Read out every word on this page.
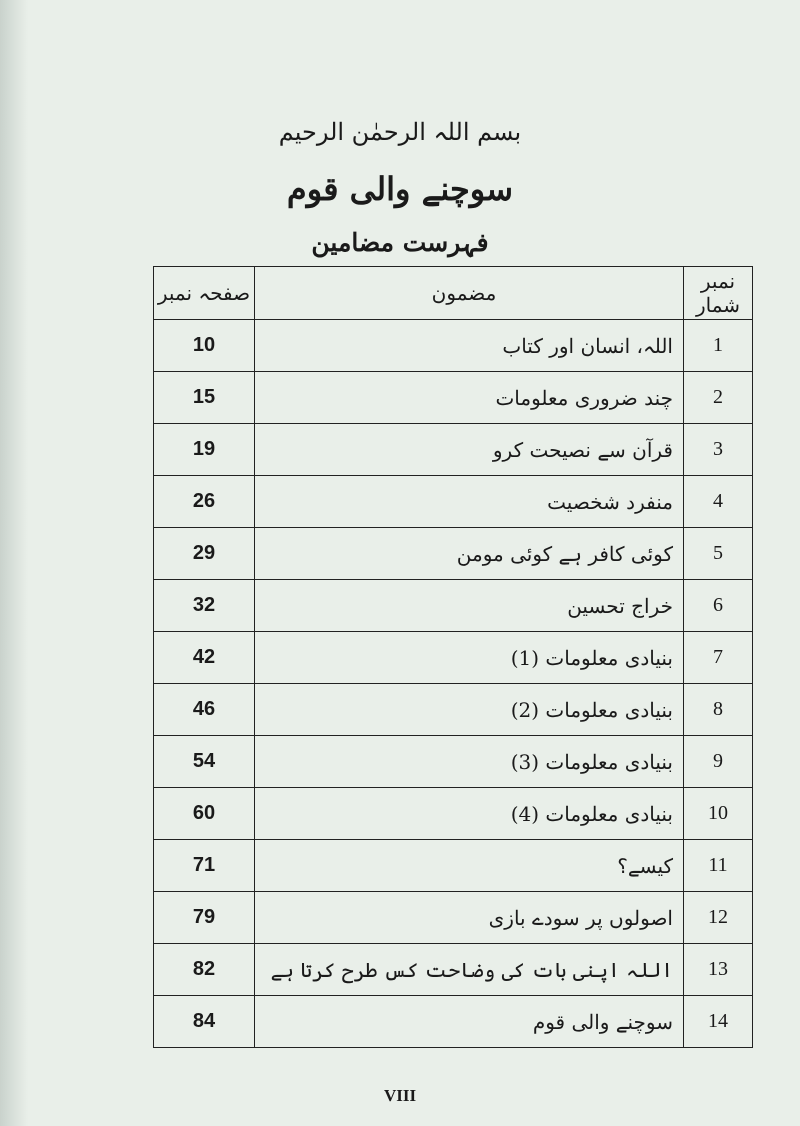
بسم اللہ الرحمٰن الرحیم
سوچنے والی قوم
فہرست مضامین
نمبر شمار	مضمون	صفحہ نمبر
1	اللہ، انسان اور کتاب	10
2	چند ضروری معلومات	15
3	قرآن سے نصیحت کرو	19
4	منفرد شخصیت	26
5	کوئی کافر ہے کوئی مومن	29
6	خراج تحسین	32
7	بنیادی معلومات (1)	42
8	بنیادی معلومات (2)	46
9	بنیادی معلومات (3)	54
10	بنیادی معلومات (4)	60
11	کیسے؟	71
12	اصولوں پر سودے بازی	79
13	اللہ اپنی بات کی وضاحت کس طرح کرتا ہے	82
14	سوچنے والی قوم	84
VIII
